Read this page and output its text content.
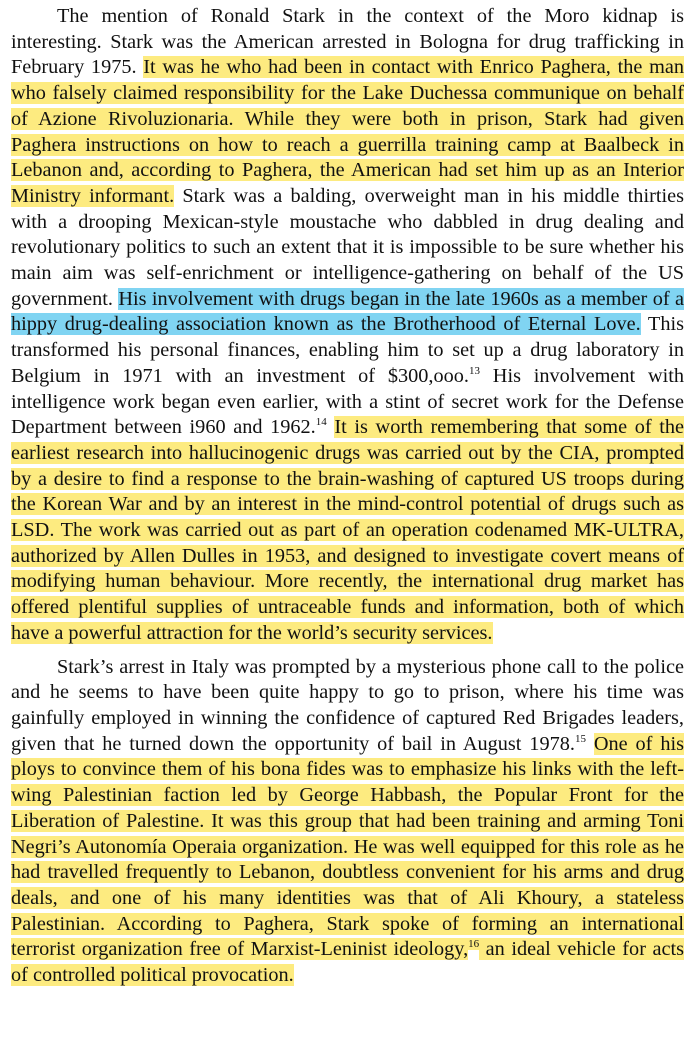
The mention of Ronald Stark in the context of the Moro kidnap is interesting. Stark was the American arrested in Bologna for drug trafficking in February 1975. It was he who had been in contact with Enrico Paghera, the man who falsely claimed responsibility for the Lake Duchessa communique on behalf of Azione Rivoluzionaria. While they were both in prison, Stark had given Paghera instructions on how to reach a guerrilla training camp at Baalbeck in Lebanon and, according to Paghera, the American had set him up as an Interior Ministry informant. Stark was a balding, overweight man in his middle thirties with a drooping Mexican-style moustache who dabbled in drug dealing and revolutionary politics to such an extent that it is impossible to be sure whether his main aim was self-enrichment or intelligence-gathering on behalf of the US government. His involvement with drugs began in the late 1960s as a member of a hippy drug-dealing association known as the Brotherhood of Eternal Love. This transformed his personal finances, enabling him to set up a drug laboratory in Belgium in 1971 with an investment of $300,ooo.$^{13}$ His involvement with intelligence work began even earlier, with a stint of secret work for the Defense Department between i960 and 1962.14 It is worth remembering that some of the earliest research into hallucinogenic drugs was carried out by the CIA, prompted by a desire to find a response to the brain-washing of captured US troops during the Korean War and by an interest in the mind-control potential of drugs such as LSD. The work was carried out as part of an operation codenamed MK-ULTRA, authorized by Allen Dulles in 1953, and designed to investigate covert means of modifying human behaviour. More recently, the international drug market has offered plentiful supplies of untraceable funds and information, both of which have a powerful attraction for the world’s security services.

Stark’s arrest in Italy was prompted by a mysterious phone call to the police and he seems to have been quite happy to go to prison, where his time was gainfully employed in winning the confidence of captured Red Brigades leaders, given that he turned down the opportunity of bail in August 1978.15 One of his ploys to convince them of his bona fides was to emphasize his links with the left-wing Palestinian faction led by George Habbash, the Popular Front for the Liberation of Palestine. It was this group that had been training and arming Toni Negri’s Autonomía Operaia organization. He was well equipped for this role as he had travelled frequently to Lebanon, doubtless convenient for his arms and drug deals, and one of his many identities was that of Ali Khoury, a stateless Palestinian. According to Paghera, Stark spoke of forming an international terrorist organization free of Marxist-Leninist ideology,$^{16}$ an ideal vehicle for acts of controlled political provocation.
